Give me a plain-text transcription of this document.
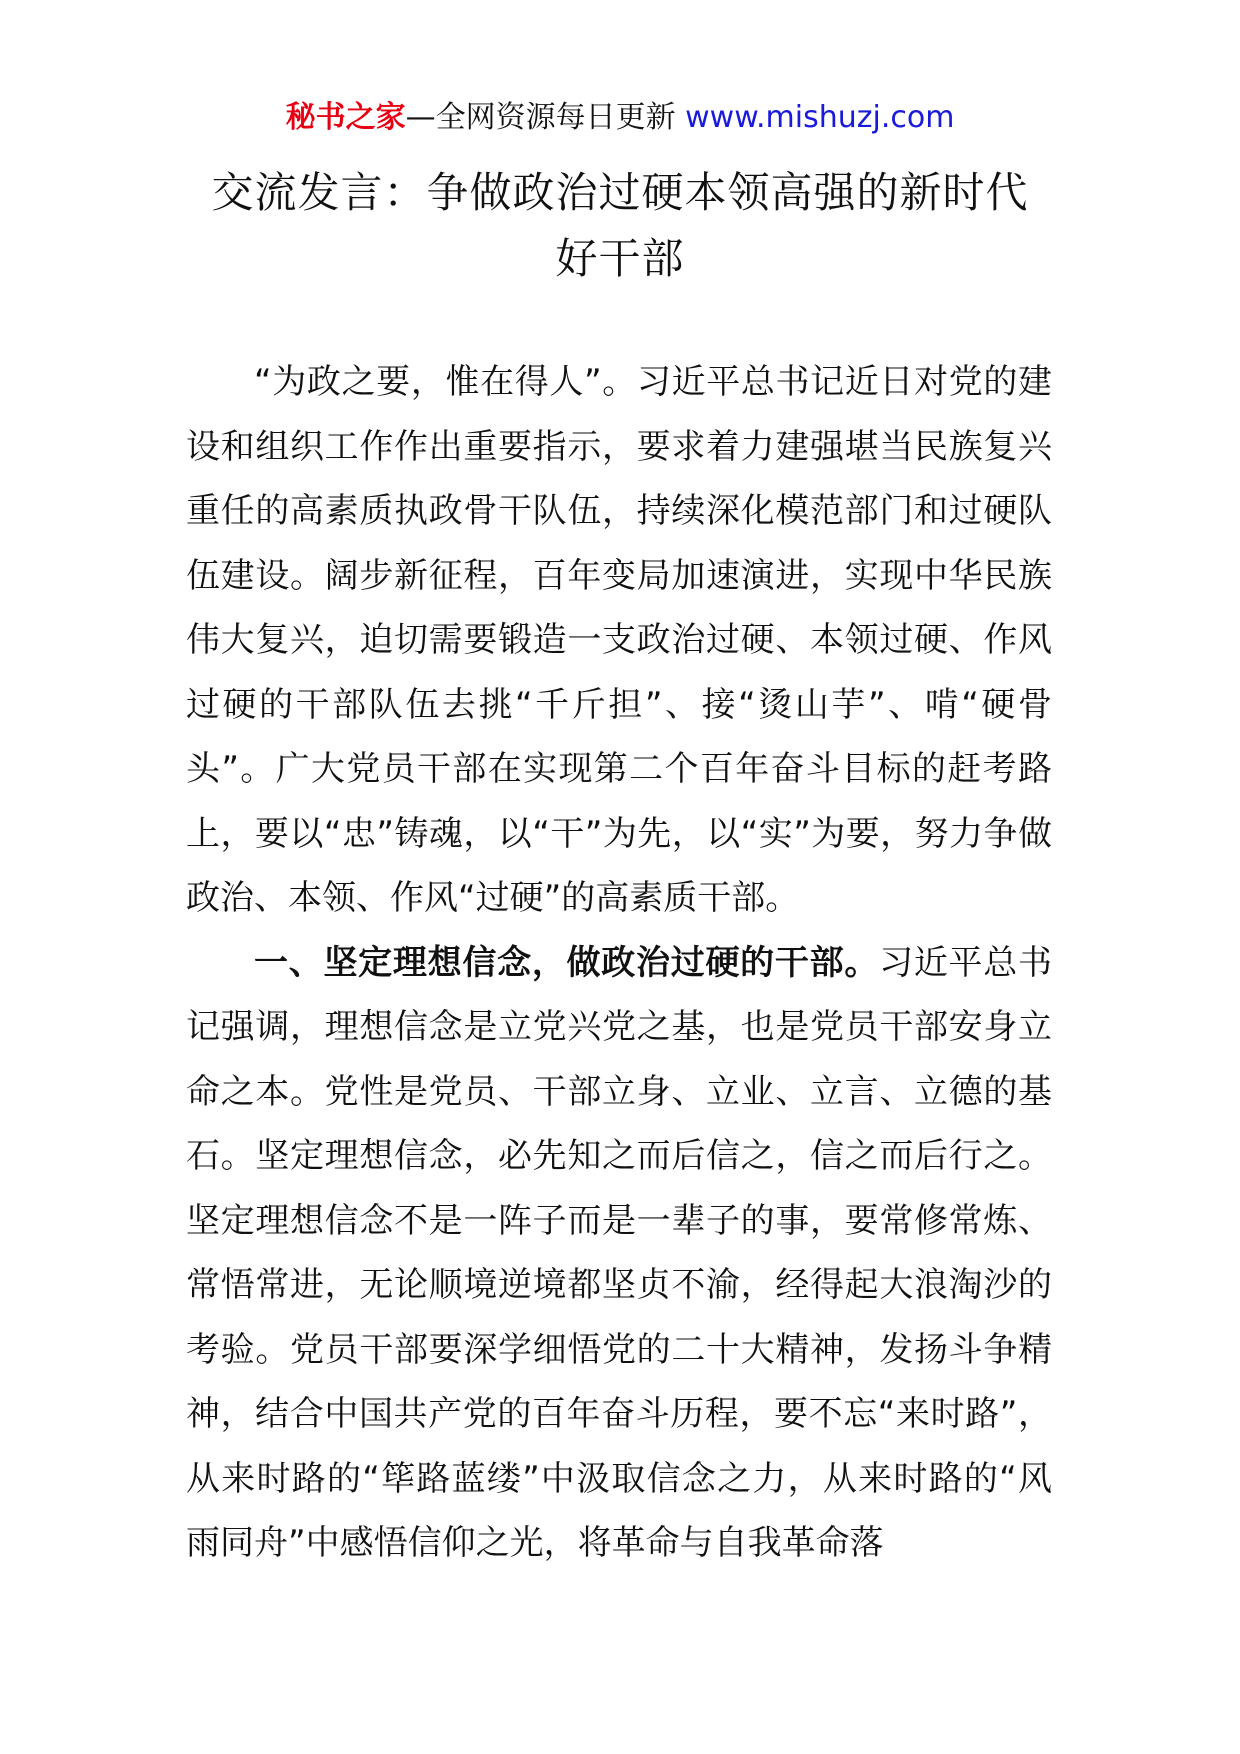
秘书之家—全网资源每日更新 www.mishuzj.com
交流发言：争做政治过硬本领高强的新时代
好干部

“为政之要，惟在得人”。习近平总书记近日对党的建设和组织工作作出重要指示，要求着力建强堪当民族复兴重任的高素质执政骨干队伍，持续深化模范部门和过硬队伍建设。阔步新征程，百年变局加速演进，实现中华民族伟大复兴，迫切需要锻造一支政治过硬、本领过硬、作风过硬的干部队伍去挑“千斤担”、接“烫山芋”、啃“硬骨头”。广大党员干部在实现第二个百年奋斗目标的赶考路上，要以“忠”铸魂，以“干”为先，以“实”为要，努力争做政治、本领、作风“过硬”的高素质干部。

一、坚定理想信念，做政治过硬的干部。习近平总书记强调，理想信念是立党兴党之基，也是党员干部安身立命之本。党性是党员、干部立身、立业、立言、立德的基石。坚定理想信念，必先知之而后信之，信之而后行之。坚定理想信念不是一阵子而是一辈子的事，要常修常炼、常悟常进，无论顺境逆境都坚贞不渝，经得起大浪淘沙的考验。党员干部要深学细悟党的二十大精神，发扬斗争精神，结合中国共产党的百年奋斗历程，要不忘“来时路”，从来时路的“筚路蓝缕”中汲取信念之力，从来时路的“风雨同舟”中感悟信仰之光，将革命与自我革命落
